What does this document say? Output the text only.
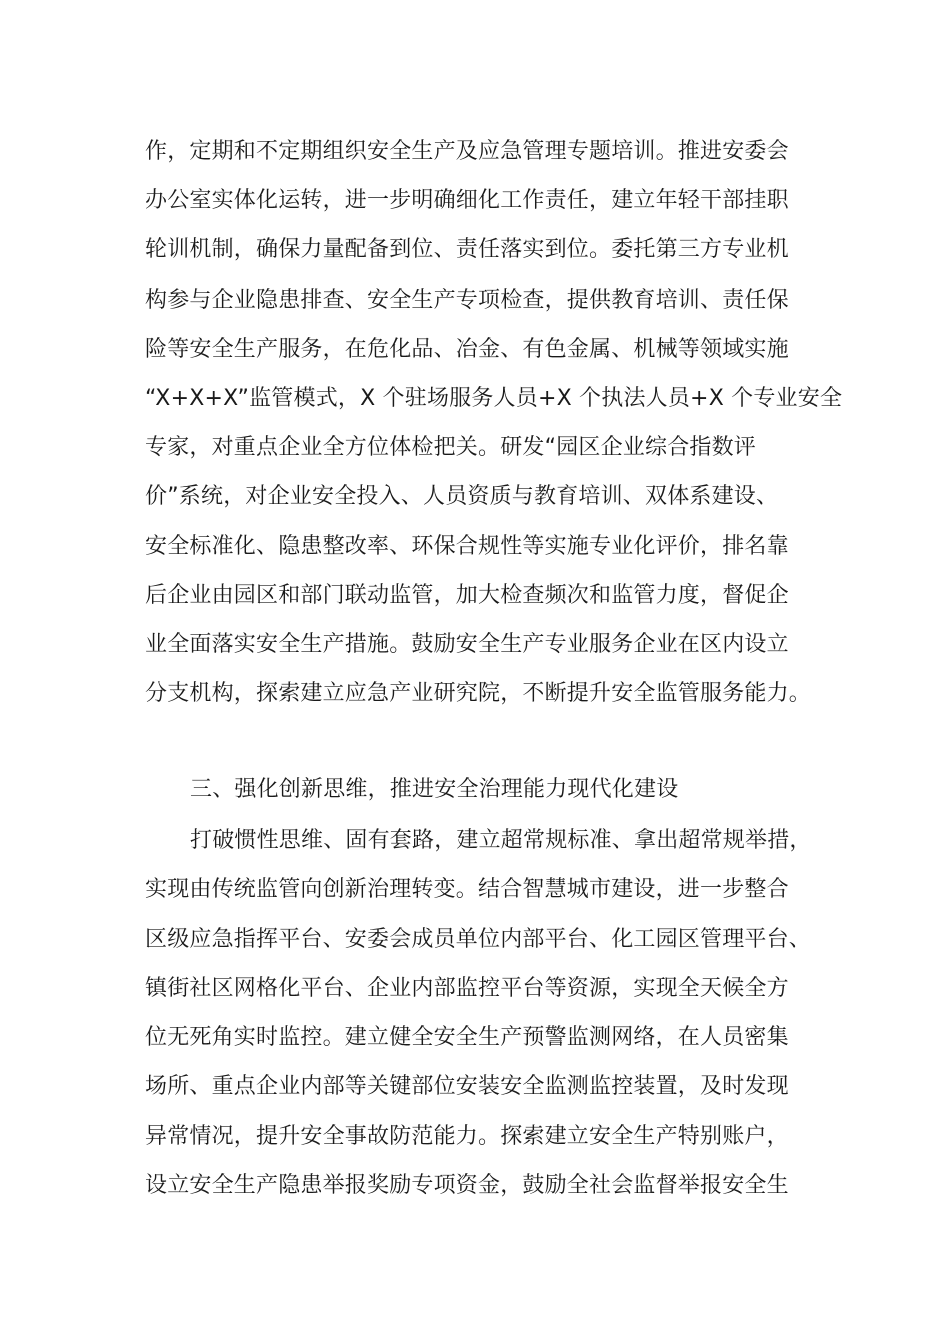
作，定期和不定期组织安全生产及应急管理专题培训。推进安委会
办公室实体化运转，进一步明确细化工作责任，建立年轻干部挂职
轮训机制，确保力量配备到位、责任落实到位。委托第三方专业机
构参与企业隐患排查、安全生产专项检查，提供教育培训、责任保
险等安全生产服务，在危化品、冶金、有色金属、机械等领域实施
“X+X+X”监管模式，X 个驻场服务人员+X 个执法人员+X 个专业安全
专家，对重点企业全方位体检把关。研发“园区企业综合指数评
价”系统，对企业安全投入、人员资质与教育培训、双体系建设、
安全标准化、隐患整改率、环保合规性等实施专业化评价，排名靠
后企业由园区和部门联动监管，加大检查频次和监管力度，督促企
业全面落实安全生产措施。鼓励安全生产专业服务企业在区内设立
分支机构，探索建立应急产业研究院，不断提升安全监管服务能力。
三、强化创新思维，推进安全治理能力现代化建设
打破惯性思维、固有套路，建立超常规标准、拿出超常规举措，
实现由传统监管向创新治理转变。结合智慧城市建设，进一步整合
区级应急指挥平台、安委会成员单位内部平台、化工园区管理平台、
镇街社区网格化平台、企业内部监控平台等资源，实现全天候全方
位无死角实时监控。建立健全安全生产预警监测网络，在人员密集
场所、重点企业内部等关键部位安装安全监测监控装置，及时发现
异常情况，提升安全事故防范能力。探索建立安全生产特别账户，
设立安全生产隐患举报奖励专项资金，鼓励全社会监督举报安全生
